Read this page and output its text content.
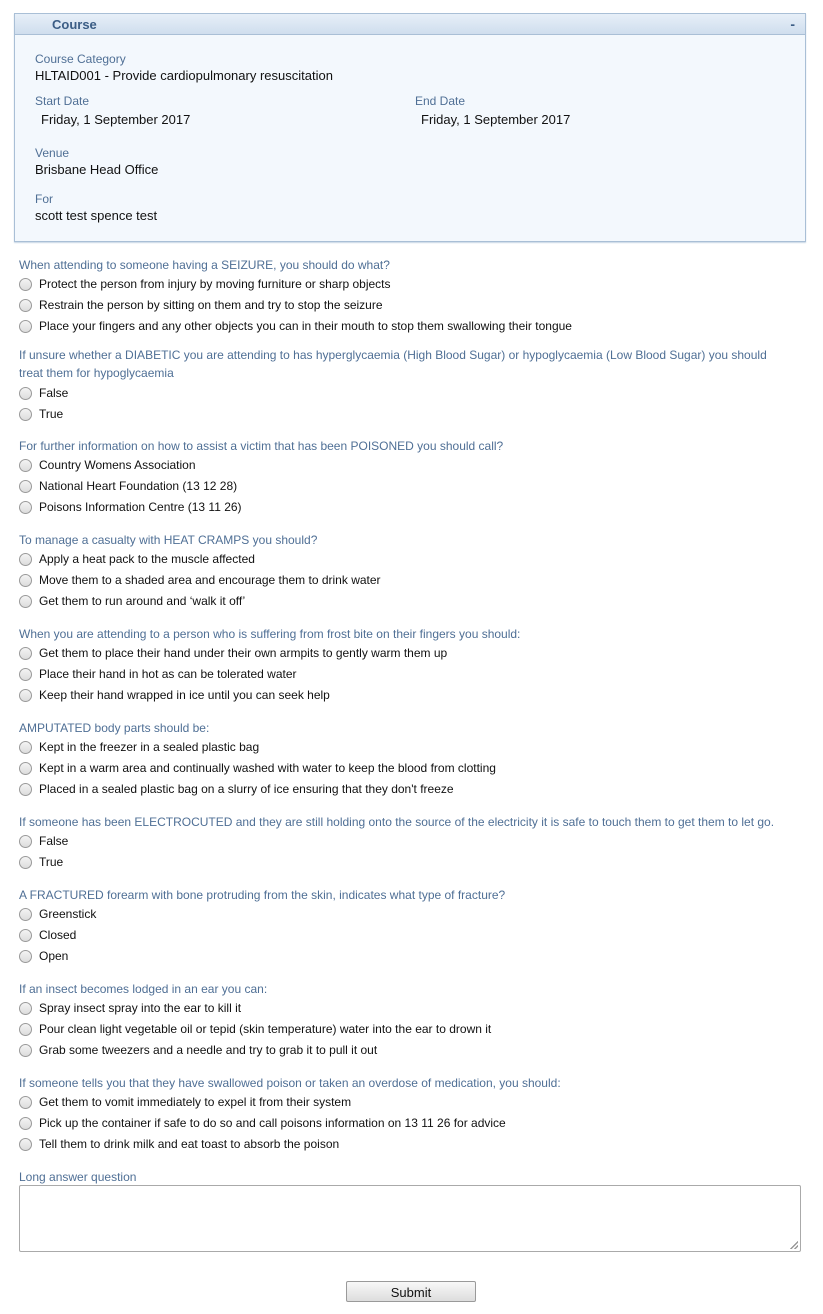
Course	-
Course Category
HLTAID001 - Provide cardiopulmonary resuscitation
Start Date
Friday, 1 September 2017
End Date
Friday, 1 September 2017
Venue
Brisbane Head Office
For
scott test spence test
When attending to someone having a SEIZURE, you should do what?
Protect the person from injury by moving furniture or sharp objects
Restrain the person by sitting on them and try to stop the seizure
Place your fingers and any other objects you can in their mouth to stop them swallowing their tongue
If unsure whether a DIABETIC you are attending to has hyperglycaemia (High Blood Sugar) or hypoglycaemia (Low Blood Sugar) you should treat them for hypoglycaemia
False
True
For further information on how to assist a victim that has been POISONED you should call?
Country Womens Association
National Heart Foundation (13 12 28)
Poisons Information Centre (13 11 26)
To manage a casualty with HEAT CRAMPS you should?
Apply a heat pack to the muscle affected
Move them to a shaded area and encourage them to drink water
Get them to run around and ‘walk it off’
When you are attending to a person who is suffering from frost bite on their fingers you should:
Get them to place their hand under their own armpits to gently warm them up
Place their hand in hot as can be tolerated water
Keep their hand wrapped in ice until you can seek help
AMPUTATED body parts should be:
Kept in the freezer in a sealed plastic bag
Kept in a warm area and continually washed with water to keep the blood from clotting
Placed in a sealed plastic bag on a slurry of ice ensuring that they don't freeze
If someone has been ELECTROCUTED and they are still holding onto the source of the electricity it is safe to touch them to get them to let go.
False
True
A FRACTURED forearm with bone protruding from the skin, indicates what type of fracture?
Greenstick
Closed
Open
If an insect becomes lodged in an ear you can:
Spray insect spray into the ear to kill it
Pour clean light vegetable oil or tepid (skin temperature) water into the ear to drown it
Grab some tweezers and a needle and try to grab it to pull it out
If someone tells you that they have swallowed poison or taken an overdose of medication, you should:
Get them to vomit immediately to expel it from their system
Pick up the container if safe to do so and call poisons information on 13 11 26 for advice
Tell them to drink milk and eat toast to absorb the poison
Long answer question
Submit
